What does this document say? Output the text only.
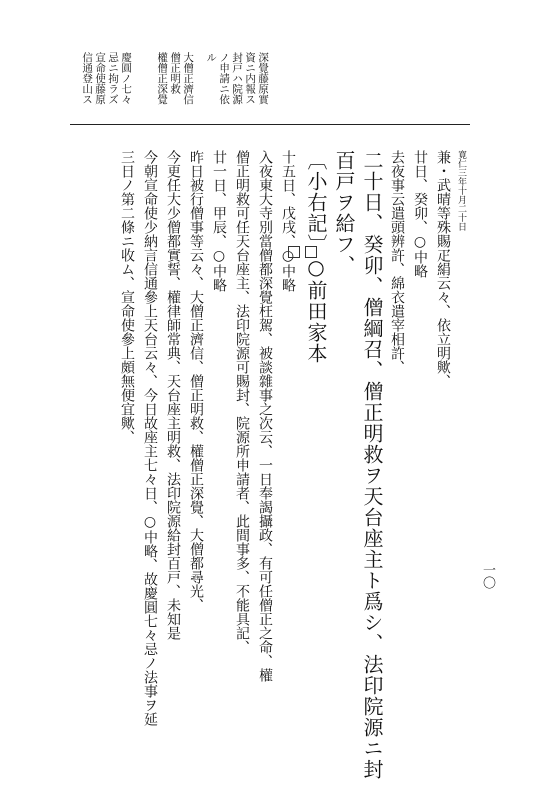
一〇
深覺藤原實
資ニ内報ス
封戸ハ院源
ノ申請ニ依
ル
大僧正濟信
僧正明救
權僧正深覺
慶圓ノ七々
忌ニ拘ラズ
宣命使藤原
信通登山ス
寛仁三年十月二十日
兼・武晴等殊賜疋絹云々、依立明歟、
廿日、癸卯、○中略
去夜事云遣頭辨許、綿衣遣宰相許、
二十日、癸卯、僧綱召、僧正明救ヲ天台座主ト爲シ、法印院源ニ封
百戸ヲ給フ、
〔小右記〕○前田家本
十五日、戊戌、○中略
入夜東大寺別當僧都深覺枉駕、被談雜事之次云、一日奉謁攝政、有可任僧正之命、權
僧正明救可任天台座主、法印院源可賜封、院源所申請者、此間事多、不能具記、
廿一日、甲辰、○中略
昨日被行僧事等云々、大僧正濟信、僧正明救、權僧正深覺、大僧都尋光、
今更任大少僧都實誓、權律師常典、天台座主明救、法印院源給封百戸、未知是
今朝宣命使少納言信通參上天台云々、今日故座主七々日、○中略、故慶圓七々忌ノ法事ヲ延
三日ノ第二條ニ收ム、宣命使參上頗無便宜歟、
